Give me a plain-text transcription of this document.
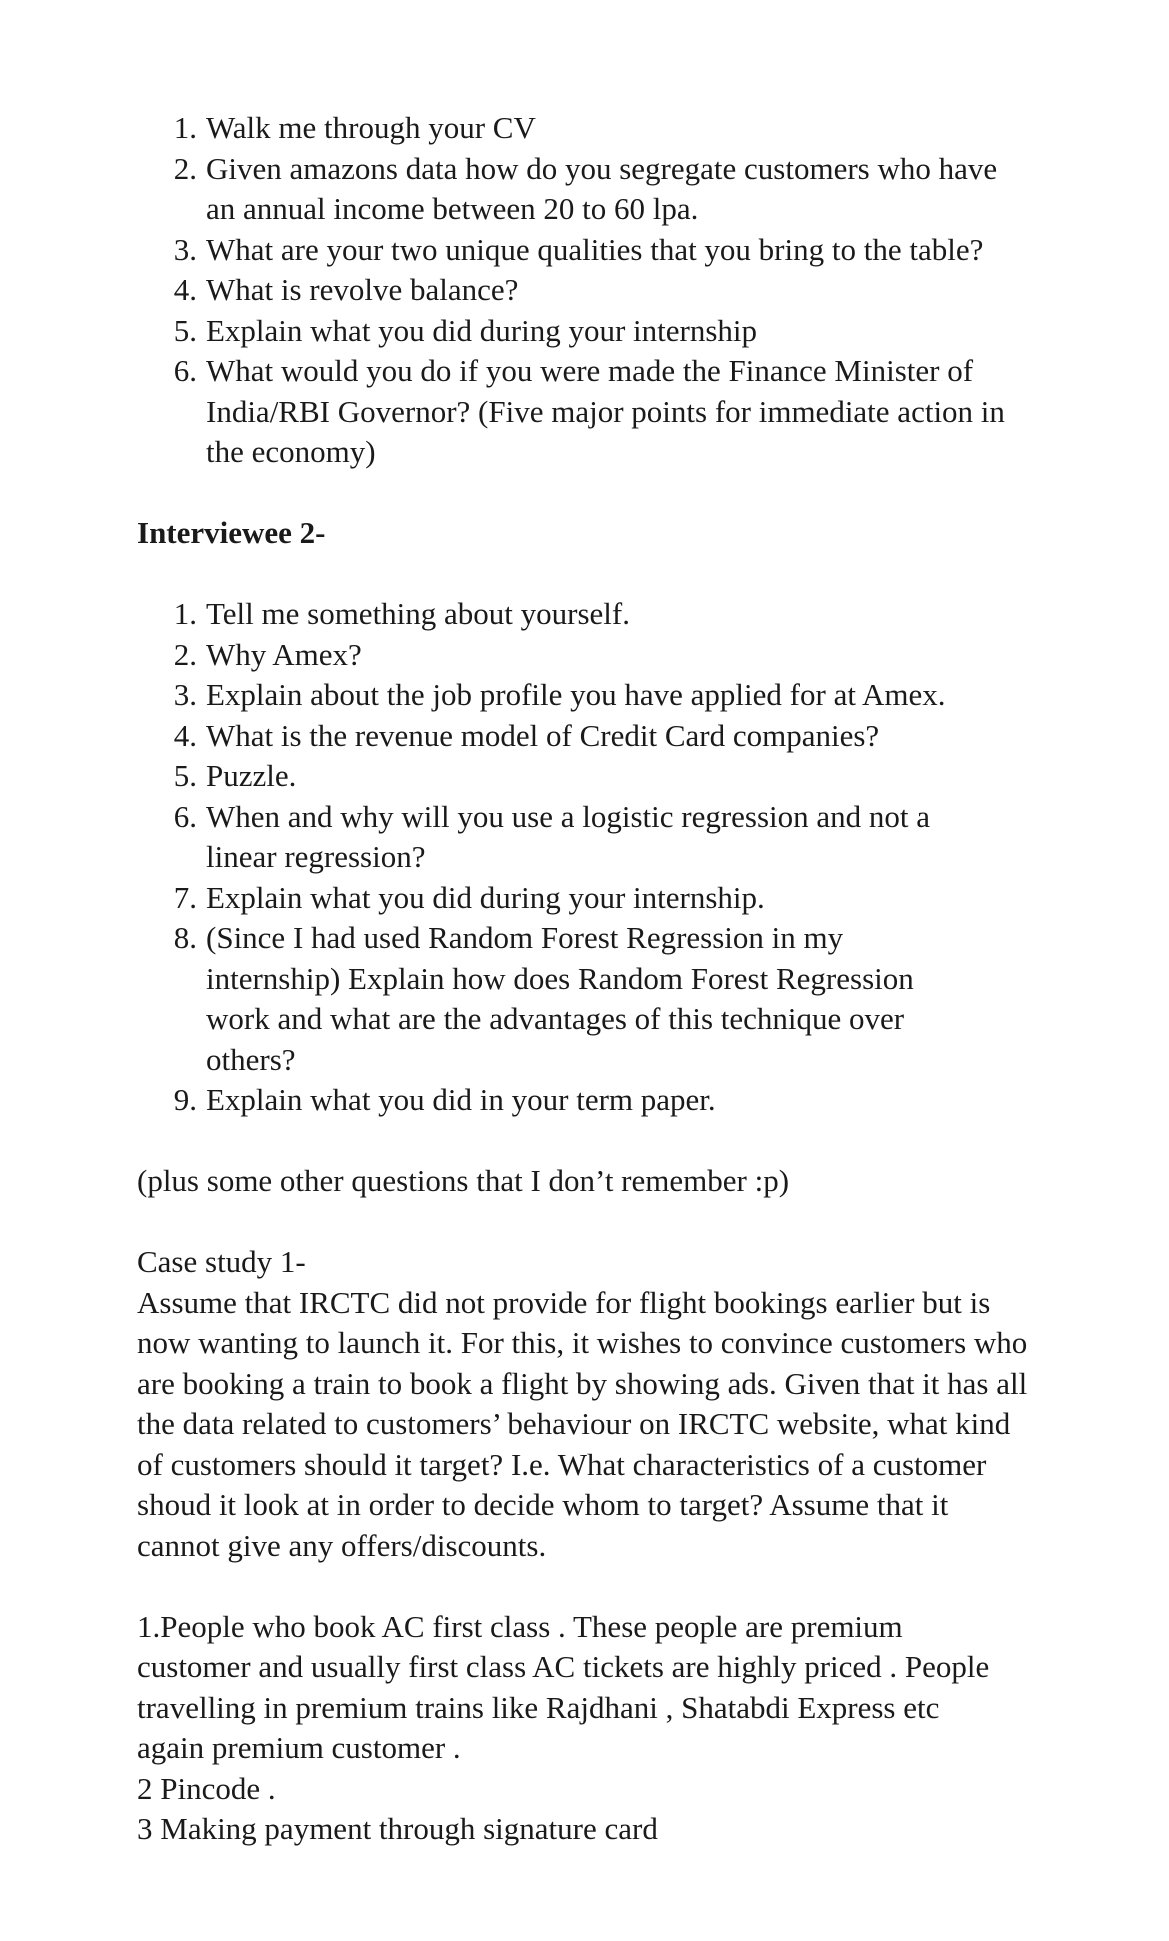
1. Walk me through your CV
2. Given amazons data how do you segregate customers who have an annual income between 20 to 60 lpa.
3. What are your two unique qualities that you bring to the table?
4. What is revolve balance?
5. Explain what you did during your internship
6. What would you do if you were made the Finance Minister of India/RBI Governor? (Five major points for immediate action in the economy)

Interviewee 2-

1. Tell me something about yourself.
2. Why Amex?
3. Explain about the job profile you have applied for at Amex.
4. What is the revenue model of Credit Card companies?
5. Puzzle.
6. When and why will you use a logistic regression and not a linear regression?
7. Explain what you did during your internship.
8. (Since I had used Random Forest Regression in my internship) Explain how does Random Forest Regression work and what are the advantages of this technique over others?
9. Explain what you did in your term paper.

(plus some other questions that I don’t remember :p)

Case study 1-

Assume that IRCTC did not provide for flight bookings earlier but is now wanting to launch it. For this, it wishes to convince customers who are booking a train to book a flight by showing ads. Given that it has all the data related to customers’ behaviour on IRCTC website, what kind of customers should it target? I.e. What characteristics of a customer shoud it look at in order to decide whom to target? Assume that it cannot give any offers/discounts.

1.People who book AC first class . These people are premium customer and usually first class AC tickets are highly priced . People travelling in premium trains like Rajdhani , Shatabdi Express etc again premium customer .

2 Pincode .

3 Making payment through signature card
